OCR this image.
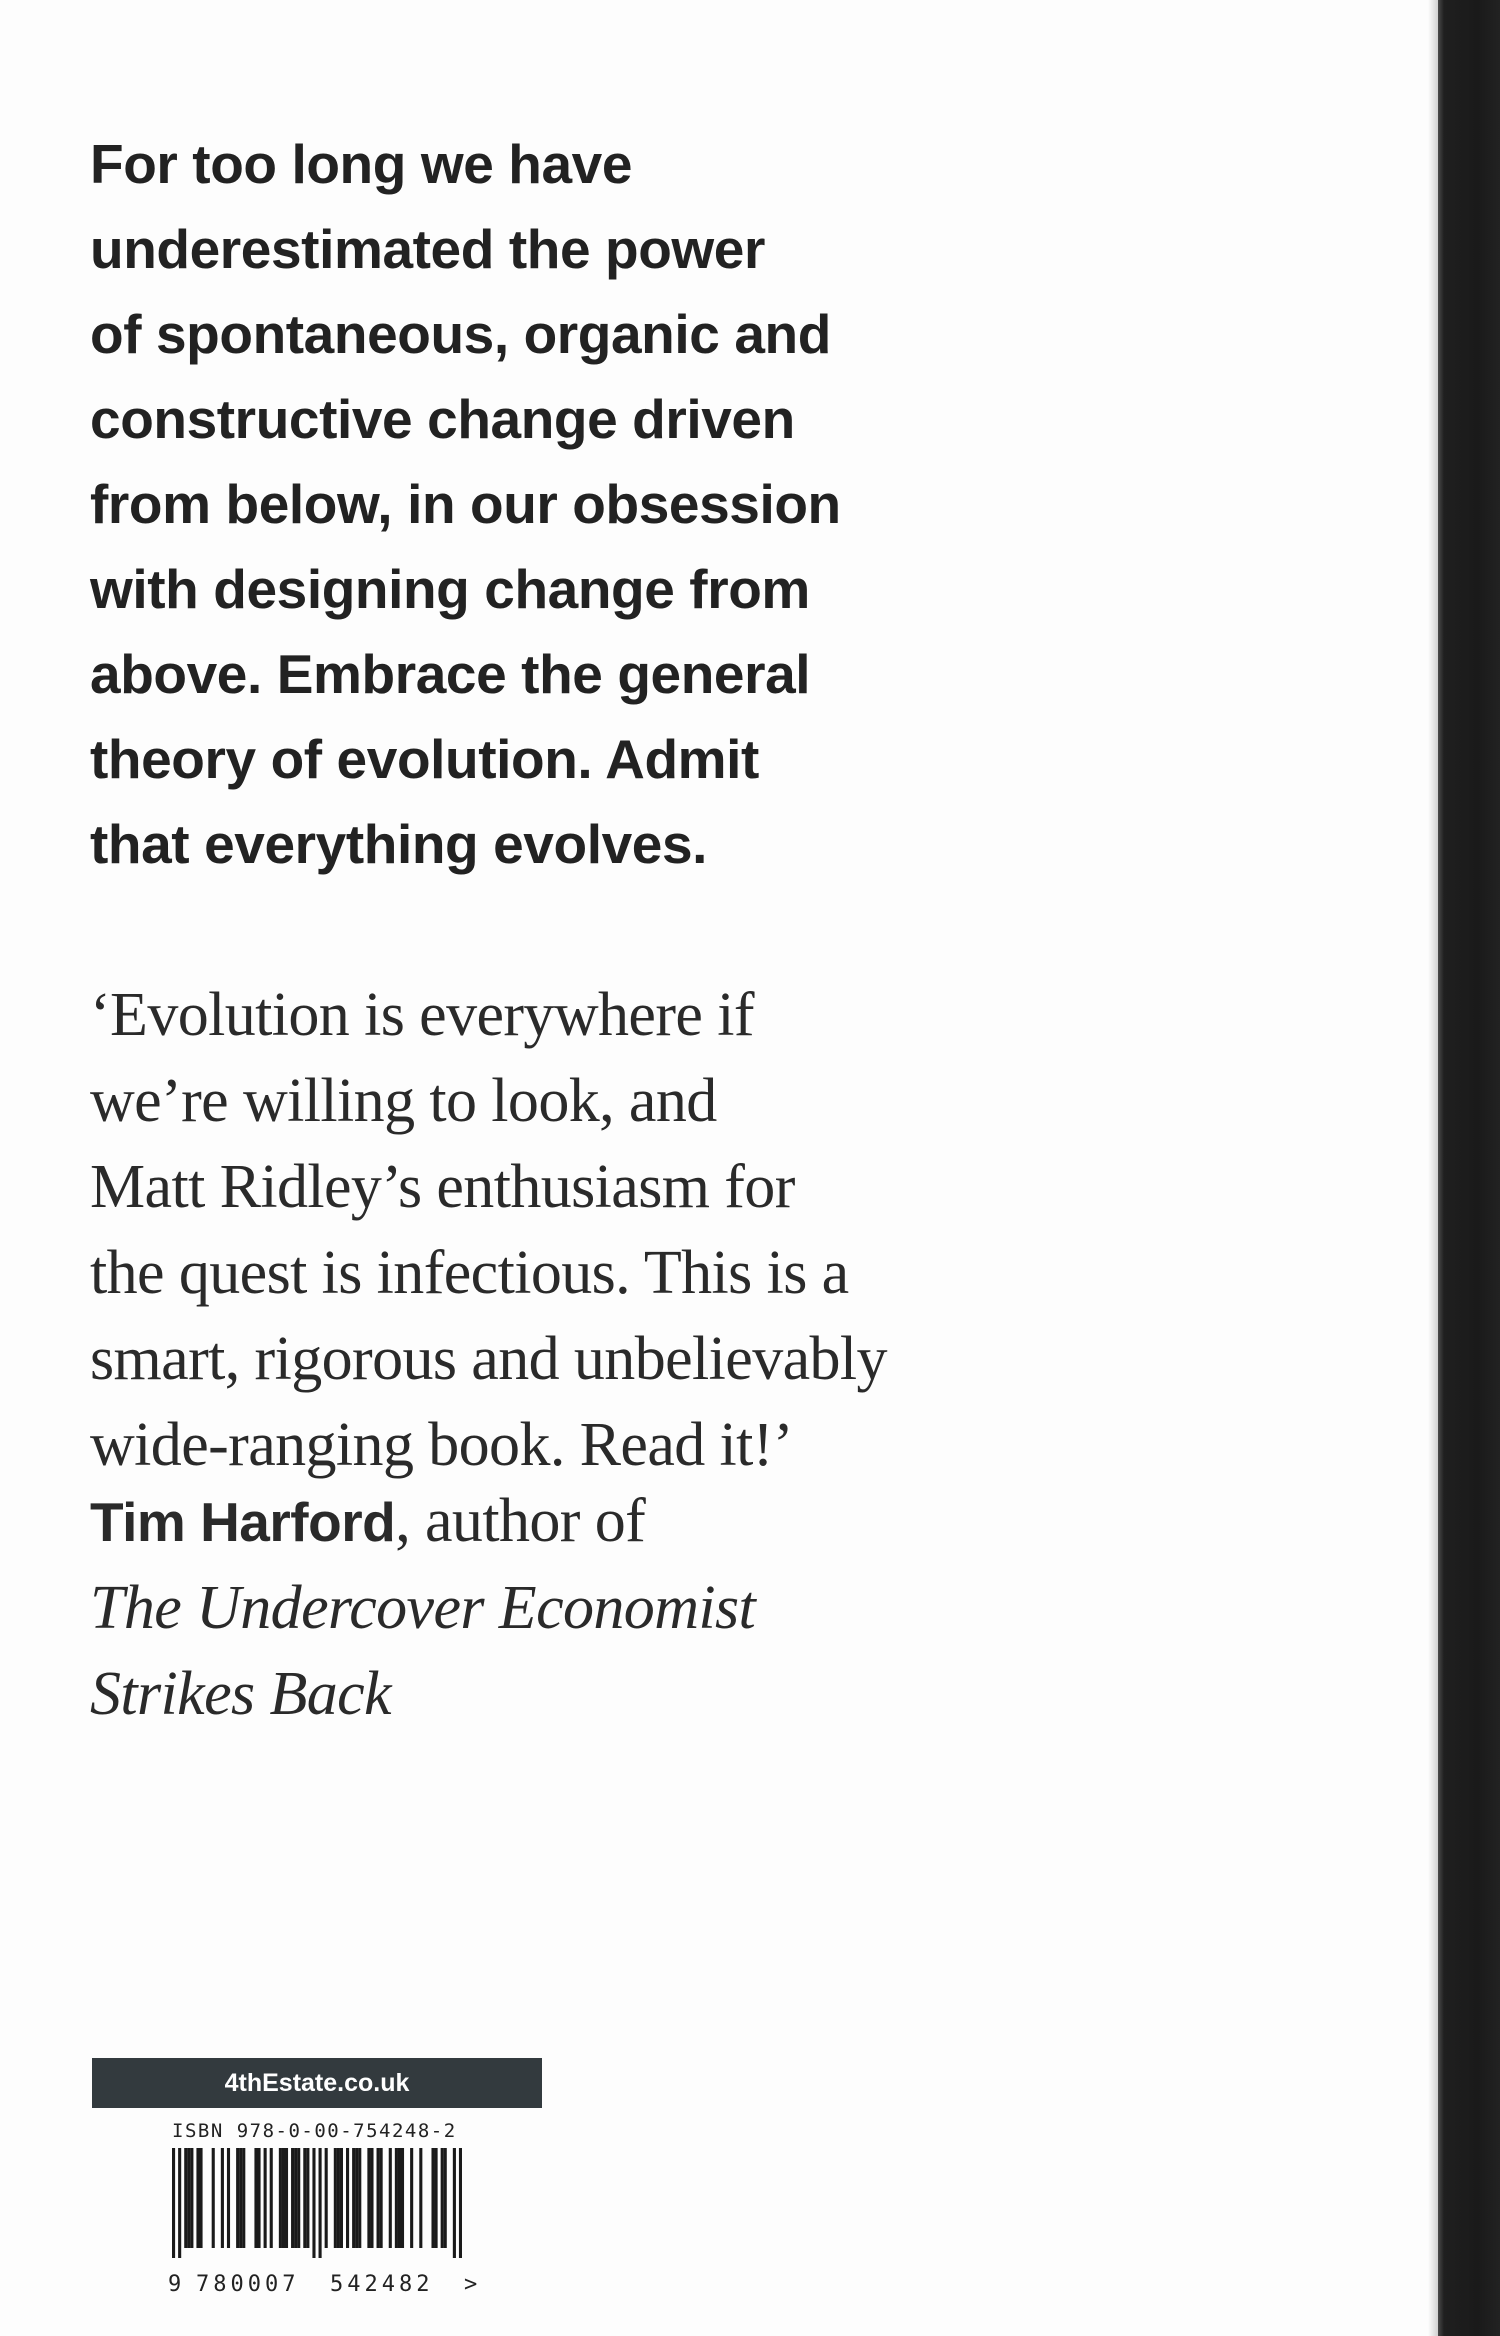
For too long we have
underestimated the power
of spontaneous, organic and
constructive change driven
from below, in our obsession
with designing change from
above. Embrace the general
theory of evolution. Admit
that everything evolves.

‘Evolution is everywhere if
we’re willing to look, and
Matt Ridley’s enthusiasm for
the quest is infectious. This is a
smart, rigorous and unbelievably
wide-ranging book. Read it!’

Tim Harford, author of
The Undercover Economist
Strikes Back

4thEstate.co.uk
ISBN 978-0-00-754248-2
9 780007 542482 >
